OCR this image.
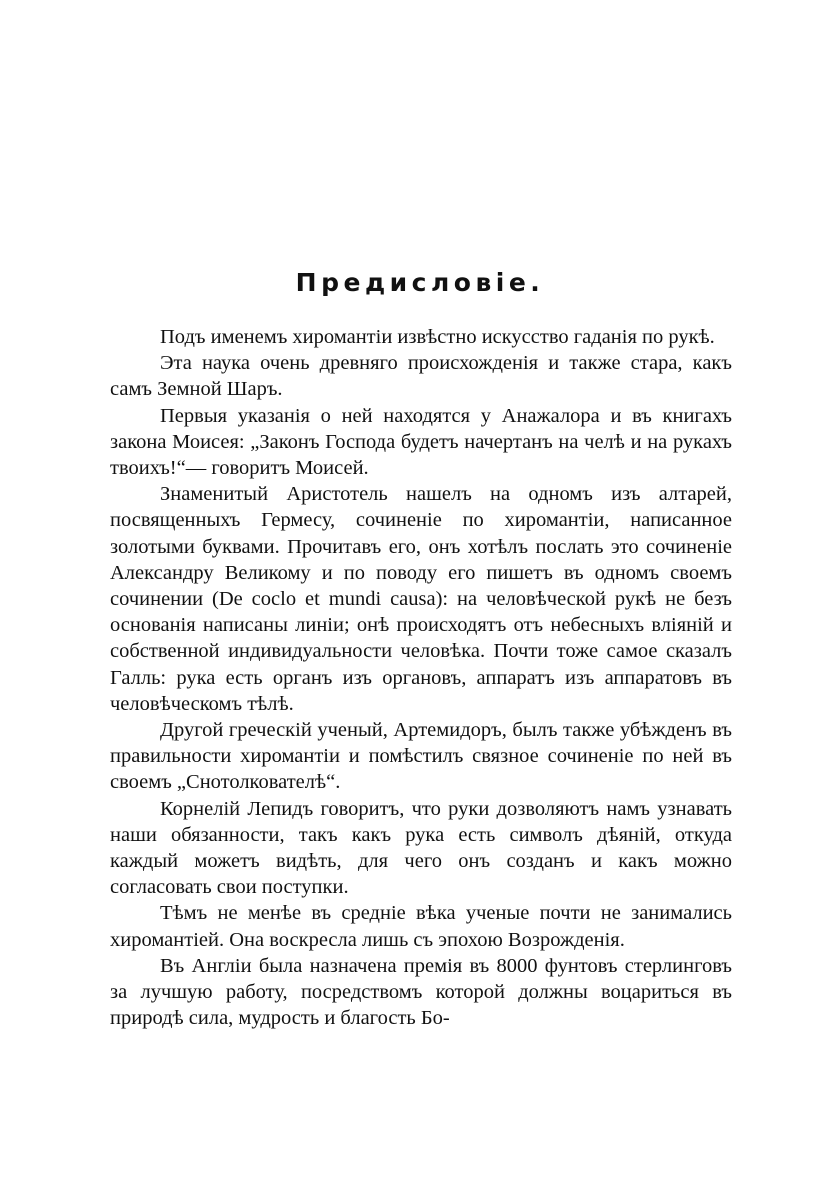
Предисловіе.

Подъ именемъ хиромантіи извѣстно искусство гаданія по рукѣ.

Эта наука очень древняго происхожденія и также стара, какъ самъ Земной Шаръ.

Первыя указанія о ней находятся у Анажалора и въ книгахъ закона Моисея: „Законъ Господа будетъ начертанъ на челѣ и на рукахъ твоихъ!“— говоритъ Моисей.

Знаменитый Аристотель нашелъ на одномъ изъ алтарей, посвященныхъ Гермесу, сочиненіе по хиромантіи, написанное золотыми буквами. Прочитавъ его, онъ хотѣлъ послать это сочиненіе Александру Великому и по поводу его пишетъ въ одномъ своемъ сочинении (De coclo et mundi causa): на человѣческой рукѣ не безъ основанія написаны линіи; онѣ происходятъ отъ небесныхъ вліяній и собственной индивидуальности человѣка. Почти тоже самое сказалъ Галль: рука есть органъ изъ органовъ, аппаратъ изъ аппаратовъ въ человѣческомъ тѣлѣ.

Другой греческій ученый, Артемидоръ, былъ также убѣжденъ въ правильности хиромантіи и помѣстилъ связное сочиненіе по ней въ своемъ „Снотолкователѣ“.

Корнелій Лепидъ говоритъ, что руки дозволяютъ намъ узнавать наши обязанности, такъ какъ рука есть символъ дѣяній, откуда каждый можетъ видѣть, для чего онъ созданъ и какъ можно согласовать свои поступки.

Тѣмъ не менѣе въ средніе вѣка ученые почти не занимались хиромантіей. Она воскресла лишь съ эпохою Возрожденія.

Въ Англіи была назначена премія въ 8000 фунтовъ стерлинговъ за лучшую работу, посредствомъ которой должны воцариться въ природѣ сила, мудрость и благость Бо-
